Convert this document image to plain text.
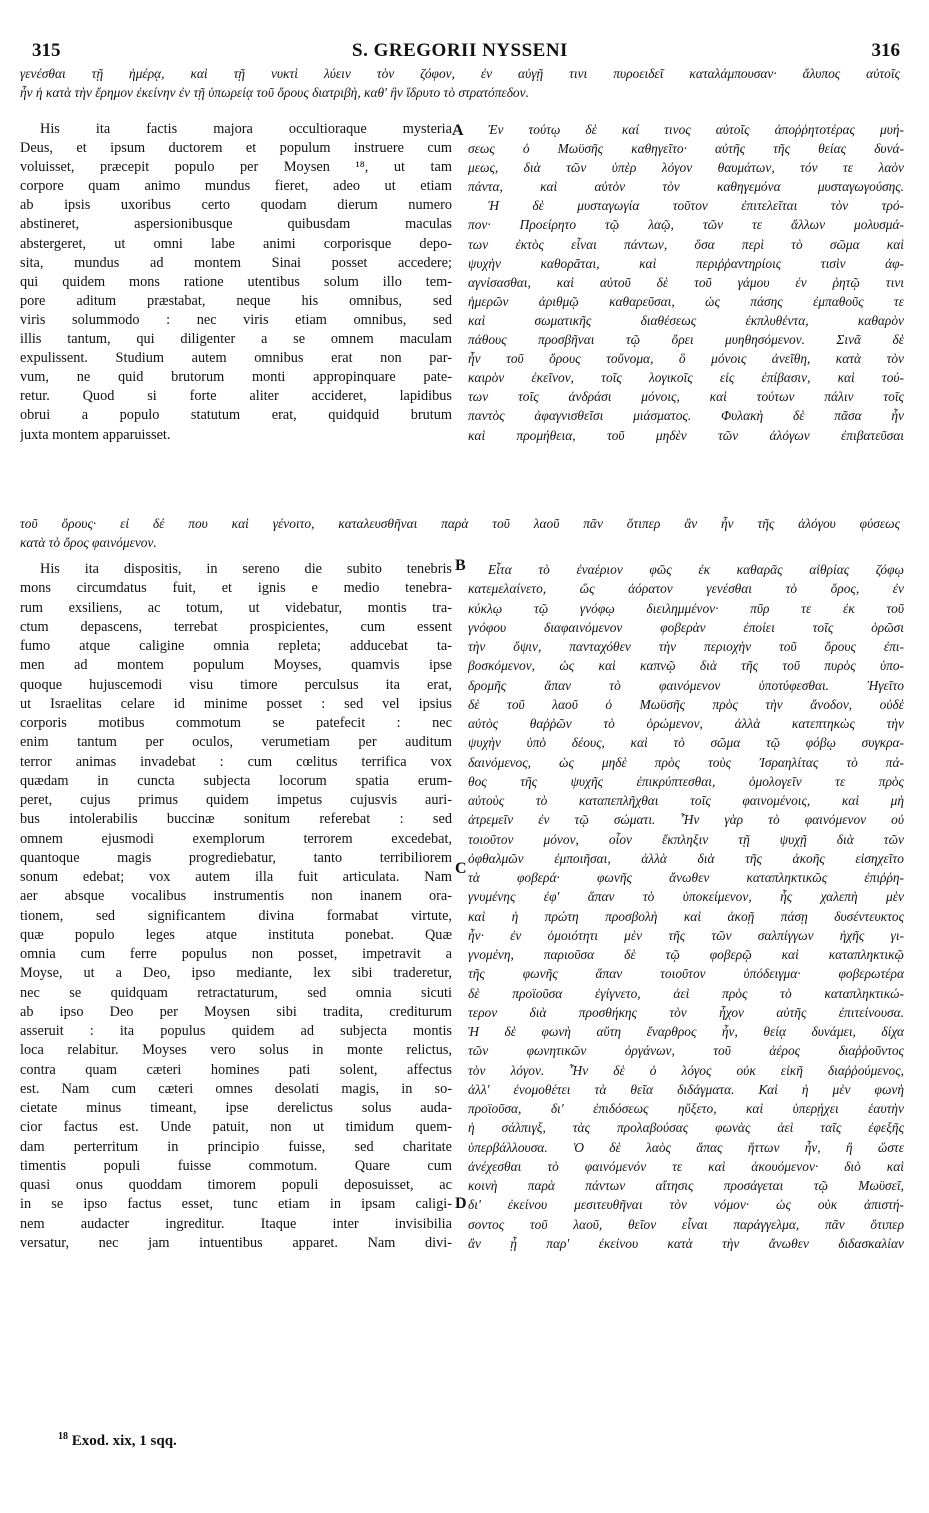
315	S. GREGORII NYSSENI	316
γενέσθαι τῇ ἡμέρᾳ, καὶ τῇ νυκτὶ λύειν τὸν ζόφον, ἐν αὐγῇ τινι πυροειδεῖ καταλάμπουσαν· ἄλυπος αὐτοῖς
ἦν ἡ κατὰ τὴν ἔρημον ἐκείνην ἐν τῇ ὑπωρείᾳ τοῦ ὄρους διατριβὴ, καθ' ἣν ἵδρυτο τὸ στρατόπεδον.

His ita factis majora occultioraque mysteria
Deus, et ipsum ductorem et populum instruere cum
voluisset, præcepit populo per Moysen ¹⁸, ut tam
corpore quam animo mundus fieret, adeo ut etiam
ab ipsis uxoribus certo quodam dierum numero
abstineret, aspersionibusque quibusdam maculas
abstergeret, ut omni labe animi corporisque depo-
sita, mundus ad montem Sinai posset accedere;
qui quidem mons ratione utentibus solum illo tem-
pore aditum præstabat, neque his omnibus, sed
viris solummodo : nec viris etiam omnibus, sed
illis tantum, qui diligenter a se omnem maculam
expulissent. Studium autem omnibus erat non par-
vum, ne quid brutorum monti appropinquare pate-
retur. Quod si forte aliter accideret, lapidibus
obrui a populo statutum erat, quidquid brutum
juxta montem apparuisset.

Ἐν τούτῳ δὲ καί τινος αὐτοῖς ἀποῤῥητοτέρας μυή-
σεως ὁ Μωϋσῆς καθηγεῖτο· αὐτῆς τῆς θείας δυνά-
μεως, διὰ τῶν ὑπὲρ λόγον θαυμάτων, τόν τε λαὸν
πάντα, καὶ αὐτὸν τὸν καθηγεμόνα μυσταγωγούσης.
Ἡ δὲ μυσταγωγία τοῦτον ἐπιτελεῖται τὸν τρό-
πον· Προείρητο τῷ λαῷ, τῶν τε ἄλλων μολυσμά-
των ἐκτὸς εἶναι πάντων, ὅσα περὶ τὸ σῶμα καὶ
ψυχὴν καθορᾶται, καὶ περιῤῥαντηρίοις τισὶν ἀφ-
αγνίσασθαι, καὶ αὐτοῦ δὲ τοῦ γάμου ἐν ῥητῷ τινι
ἡμερῶν ἀριθμῷ καθαρεῦσαι, ὡς πάσης ἐμπαθοῦς τε
καὶ σωματικῆς διαθέσεως ἐκπλυθέντα, καθαρὸν
πάθους προσβῆναι τῷ ὄρει μυηθησόμενον. Σινᾶ δὲ
ἦν τοῦ ὄρους τοὔνομα, ὃ μόνοις ἀνεῖθη, κατὰ τὸν
καιρὸν ἐκεῖνον, τοῖς λογικοῖς εἰς ἐπίβασιν, καὶ τού-
των τοῖς ἀνδράσι μόνοις, καὶ τούτων πάλιν τοῖς
παντὸς ἀφαγνισθεῖσι μιάσματος. Φυλακὴ δὲ πᾶσα ἦν
καὶ προμήθεια, τοῦ μηδὲν τῶν ἀλόγων ἐπιβατεῦσαι

τοῦ ὄρους· εἰ δέ που καὶ γένοιτο, καταλευσθῆναι παρὰ τοῦ λαοῦ πᾶν ὅτιπερ ἂν ἦν τῆς ἀλόγου φύσεως
κατὰ τὸ ὄρος φαινόμενον.

His ita dispositis, in sereno die subito tenebris
mons circumdatus fuit, et ignis e medio tenebra-
rum exsiliens, ac totum, ut videbatur, montis tra-
ctum depascens, terrebat prospicientes, cum essent
fumo atque caligine omnia repleta; adducebat ta-
men ad montem populum Moyses, quamvis ipse
quoque hujuscemodi visu timore perculsus ita erat,
ut Israelitas celare id minime posset : sed vel ipsius
corporis motibus commotum se patefecit : nec
enim tantum per oculos, verumetiam per auditum
terror animas invadebat : cum cœlitus terrifica vox
quædam in cuncta subjecta locorum spatia erum-
peret, cujus primus quidem impetus cujusvis auri-
bus intolerabilis buccinæ sonitum referebat : sed
omnem ejusmodi exemplorum terrorem excedebat,
quantoque magis progrediebatur, tanto terribiliorem
sonum edebat; vox autem illa fuit articulata. Nam
aer absque vocalibus instrumentis non inanem ora-
tionem, sed significantem divina formabat virtute,
quæ populo leges atque instituta ponebat. Quæ
omnia cum ferre populus non posset, impetravit a
Moyse, ut a Deo, ipso mediante, lex sibi traderetur,
nec se quidquam retractaturum, sed omnia sicuti
ab ipso Deo per Moysen sibi tradita, crediturum
asseruit : ita populus quidem ad subjecta montis
loca relabitur. Moyses vero solus in monte relictus,
contra quam cæteri homines pati solent, affectus
est. Nam cum cæteri omnes desolati magis, in so-
cietate minus timeant, ipse derelictus solus auda-
cior factus est. Unde patuit, non ut timidum quem-
dam perterritum in principio fuisse, sed charitate
timentis populi fuisse commotum. Quare cum
quasi onus quoddam timorem populi deposuisset, ac
in se ipso factus esset, tunc etiam in ipsam caligi-
nem audacter ingreditur. Itaque inter invisibilia
versatur, nec jam intuentibus apparet. Nam divi-

Εἶτα τὸ ἐναέριον φῶς ἐκ καθαρᾶς αἰθρίας ζόφῳ
κατεμελαίνετο, ὥς ἀόρατον γενέσθαι τὸ ὄρος, ἐν
κύκλῳ τῷ γνόφῳ διειλημμένον· πῦρ τε ἐκ τοῦ
γνόφου διαφαινόμενον φοβερὰν ἐποίει τοῖς ὁρῶσι
τὴν ὄψιν, πανταχόθεν τὴν περιοχὴν τοῦ ὄρους ἐπι-
βοσκόμενον, ὡς καὶ καπνῷ διὰ τῆς τοῦ πυρὸς ὑπο-
δρομῆς ἅπαν τὸ φαινόμενον ὑποτύφεσθαι. Ἡγεῖτο
δὲ τοῦ λαοῦ ὁ Μωϋσῆς πρὸς τὴν ἄνοδον, οὐδὲ
αὐτὸς θαῤῥῶν τὸ ὁρώμενον, ἀλλὰ κατεπτηκὼς τὴν
ψυχὴν ὑπὸ δέους, καὶ τὸ σῶμα τῷ φόβῳ συγκρα-
δαινόμενος, ὡς μηδὲ πρὸς τοὺς Ἰσραηλίτας τὸ πά-
θος τῆς ψυχῆς ἐπικρύπτεσθαι, ὁμολογεῖν τε πρὸς
αὐτοὺς τὸ καταπεπλῆχθαι τοῖς φαινομένοις, καὶ μὴ
ἀτρεμεῖν ἐν τῷ σώματι. Ἦν γὰρ τὸ φαινόμενον οὐ
τοιοῦτον μόνον, οἷον ἔκπληξιν τῇ ψυχῇ διὰ τῶν
ὀφθαλμῶν ἐμποιῆσαι, ἀλλὰ διὰ τῆς ἀκοῆς εἰσηχεῖτο
τὰ φοβερά· φωνῆς ἄνωθεν καταπληκτικῶς ἐπιῤῥη-
γνυμένης ἐφ' ἅπαν τὸ ὑποκείμενον, ἧς χαλεπὴ μὲν
καὶ ἡ πρώτη προσβολὴ καὶ ἀκοῇ πάσῃ δυσέντευκτος
ἦν· ἐν ὁμοιότητι μὲν τῆς τῶν σαλπίγγων ἠχῆς γι-
γνομένη, παριοῦσα δὲ τῷ φοβερῷ καὶ καταπληκτικῷ
τῆς φωνῆς ἅπαν τοιοῦτον ὑπόδειγμα· φοβερωτέρα
δὲ προϊοῦσα ἐγίγνετο, ἀεὶ πρὸς τὸ καταπληκτικώ-
τερον διὰ προσθήκης τὸν ἦχον αὐτῆς ἐπιτείνουσα.
Ἡ δὲ φωνὴ αὕτη ἔναρθρος ἦν, θείᾳ δυνάμει, δίχα
τῶν φωνητικῶν ὀργάνων, τοῦ ἀέρος διαῤῥοῦντος
τὸν λόγον. Ἦν δὲ ὁ λόγος οὐκ εἰκῆ διαῤῥούμενος,
ἀλλ' ἐνομοθέτει τὰ θεῖα διδάγματα. Καὶ ἡ μὲν φωνὴ
προϊοῦσα, δι' ἐπιδόσεως ηὔξετο, καὶ ὑπερῄχει ἑαυτὴν
ἡ σάλπιγξ, τὰς προλαβούσας φωνὰς ἀεὶ ταῖς ἐφεξῆς
ὑπερβάλλουσα. Ὁ δὲ λαὸς ἅπας ἥττων ἦν, ἢ ὥστε
ἀνέχεσθαι τὸ φαινόμενόν τε καὶ ἀκουόμενον· διὸ καὶ
κοινὴ παρὰ πάντων αἴτησις προσάγεται τῷ Μωϋσεῖ,
δι' ἐκείνου μεσιτευθῆναι τὸν νόμον· ὡς οὐκ ἀπιστή-
σοντος τοῦ λαοῦ, θεῖον εἶναι παράγγελμα, πᾶν ὅτιπερ
ἂν ᾖ παρ' ἐκείνου κατὰ τὴν ἄνωθεν διδασκαλίαν

A
B
C
D
$^{18}$ Exod. xix, 1 sqq.
